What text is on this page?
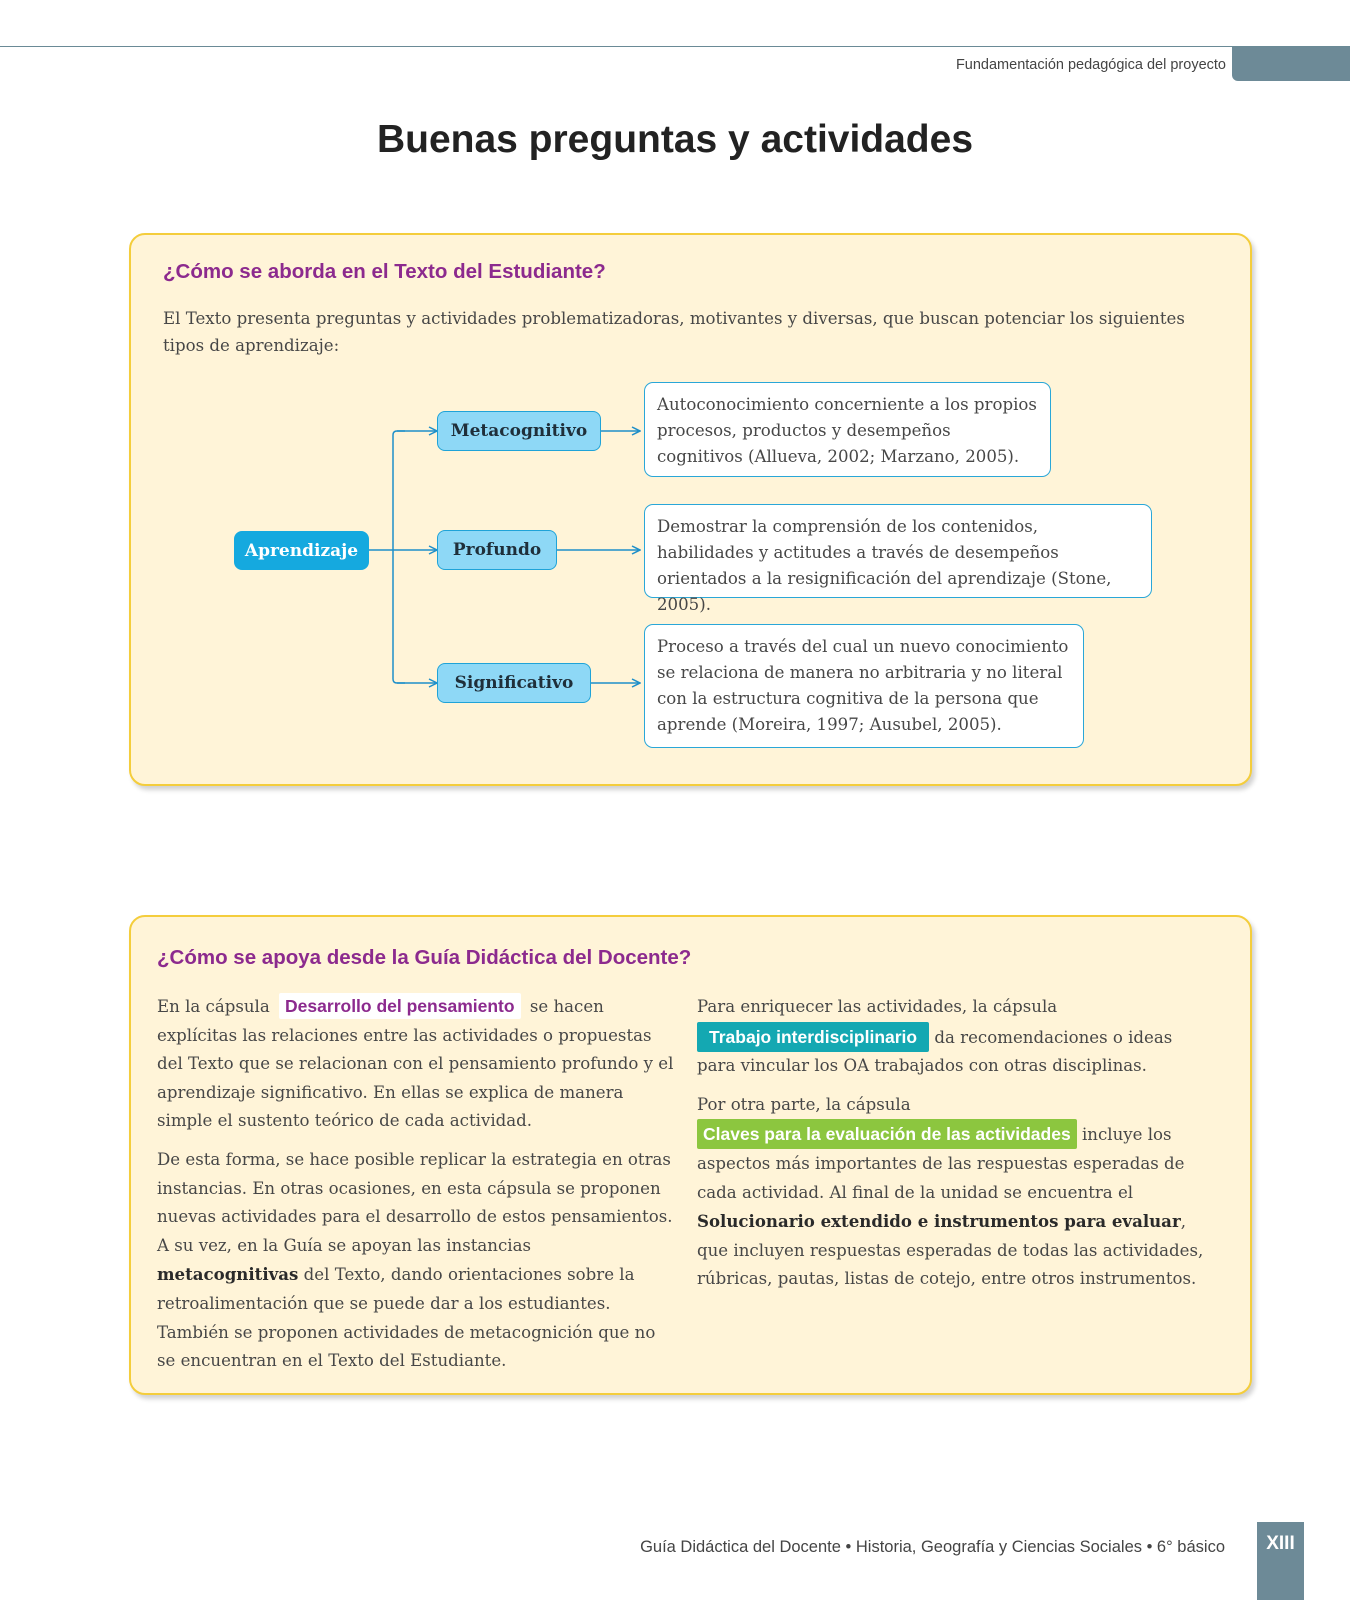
Fundamentación pedagógica del proyecto
Buenas preguntas y actividades
¿Cómo se aborda en el Texto del Estudiante?

El Texto presenta preguntas y actividades problematizadoras, motivantes y diversas, que buscan potenciar los siguientes tipos de aprendizaje:

Aprendizaje
Metacognitivo
Profundo
Significativo
Autoconocimiento concerniente a los propios procesos, productos y desempeños cognitivos (Allueva, 2002; Marzano, 2005).
Demostrar la comprensión de los contenidos, habilidades y actitudes a través de desempeños orientados a la resignificación del aprendizaje (Stone, 2005).
Proceso a través del cual un nuevo conocimiento se relaciona de manera no arbitraria y no literal con la estructura cognitiva de la persona que aprende (Moreira, 1997; Ausubel, 2005).
¿Cómo se apoya desde la Guía Didáctica del Docente?

En la cápsula Desarrollo del pensamiento se hacen explícitas las relaciones entre las actividades o propuestas del Texto que se relacionan con el pensamiento profundo y el aprendizaje significativo. En ellas se explica de manera simple el sustento teórico de cada actividad.

De esta forma, se hace posible replicar la estrategia en otras instancias. En otras ocasiones, en esta cápsula se proponen nuevas actividades para el desarrollo de estos pensamientos. A su vez, en la Guía se apoyan las instancias metacognitivas del Texto, dando orientaciones sobre la retroalimentación que se puede dar a los estudiantes. También se proponen actividades de metacognición que no se encuentran en el Texto del Estudiante.

Para enriquecer las actividades, la cápsula
Trabajo interdisciplinario da recomendaciones o ideas para vincular los OA trabajados con otras disciplinas.

Por otra parte, la cápsula
Claves para la evaluación de las actividades incluye los aspectos más importantes de las respuestas esperadas de cada actividad. Al final de la unidad se encuentra el Solucionario extendido e instrumentos para evaluar, que incluyen respuestas esperadas de todas las actividades, rúbricas, pautas, listas de cotejo, entre otros instrumentos.

Guía Didáctica del Docente • Historia, Geografía y Ciencias Sociales • 6° básico	XIII
